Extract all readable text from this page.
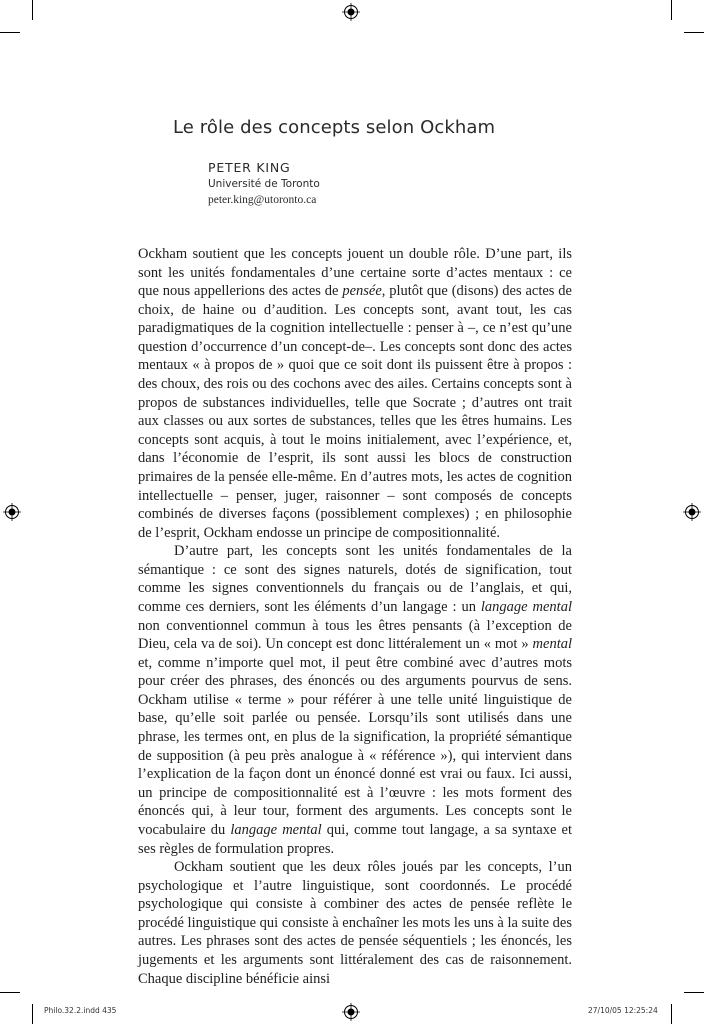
Le rôle des concepts selon Ockham
PETER KING
Université de Toronto
peter.king@utoronto.ca

Ockham soutient que les concepts jouent un double rôle. D’une part, ils sont les unités fondamentales d’une certaine sorte d’actes mentaux : ce que nous appellerions des actes de pensée, plutôt que (disons) des actes de choix, de haine ou d’audition. Les concepts sont, avant tout, les cas paradigmatiques de la cognition intellectuelle : penser à –, ce n’est qu’une question d’occurrence d’un concept-de–. Les concepts sont donc des actes mentaux « à propos de » quoi que ce soit dont ils puissent être à propos : des choux, des rois ou des cochons avec des ailes. Certains concepts sont à propos de substances individuelles, telle que Socrate ; d’autres ont trait aux classes ou aux sortes de substances, telles que les êtres humains. Les concepts sont acquis, à tout le moins initialement, avec l’expérience, et, dans l’économie de l’esprit, ils sont aussi les blocs de construction primaires de la pensée elle-même. En d’autres mots, les actes de cognition intellectuelle – penser, juger, raisonner – sont composés de concepts combinés de diverses façons (possiblement complexes) ; en philosophie de l’esprit, Ockham endosse un principe de compositionnalité.

D’autre part, les concepts sont les unités fondamentales de la sémantique : ce sont des signes naturels, dotés de signification, tout comme les signes conventionnels du français ou de l’anglais, et qui, comme ces derniers, sont les éléments d’un langage : un langage mental non conventionnel commun à tous les êtres pensants (à l’exception de Dieu, cela va de soi). Un concept est donc littéralement un « mot » mental et, comme n’importe quel mot, il peut être combiné avec d’autres mots pour créer des phrases, des énoncés ou des arguments pourvus de sens. Ockham utilise « terme » pour référer à une telle unité linguistique de base, qu’elle soit parlée ou pensée. Lorsqu’ils sont utilisés dans une phrase, les termes ont, en plus de la signification, la propriété sémantique de supposition (à peu près analogue à « référence »), qui intervient dans l’explication de la façon dont un énoncé donné est vrai ou faux. Ici aussi, un principe de compositionnalité est à l’œuvre : les mots forment des énoncés qui, à leur tour, forment des arguments. Les concepts sont le vocabulaire du langage mental qui, comme tout langage, a sa syntaxe et ses règles de formulation propres.

Ockham soutient que les deux rôles joués par les concepts, l’un psychologique et l’autre linguistique, sont coordonnés. Le procédé psychologique qui consiste à combiner des actes de pensée reflète le procédé linguistique qui consiste à enchaîner les mots les uns à la suite des autres. Les phrases sont des actes de pensée séquentiels ; les énoncés, les jugements et les arguments sont littéralement des cas de raisonnement. Chaque discipline bénéficie ainsi

Philo.32.2.indd 435	27/10/05 12:25:24
